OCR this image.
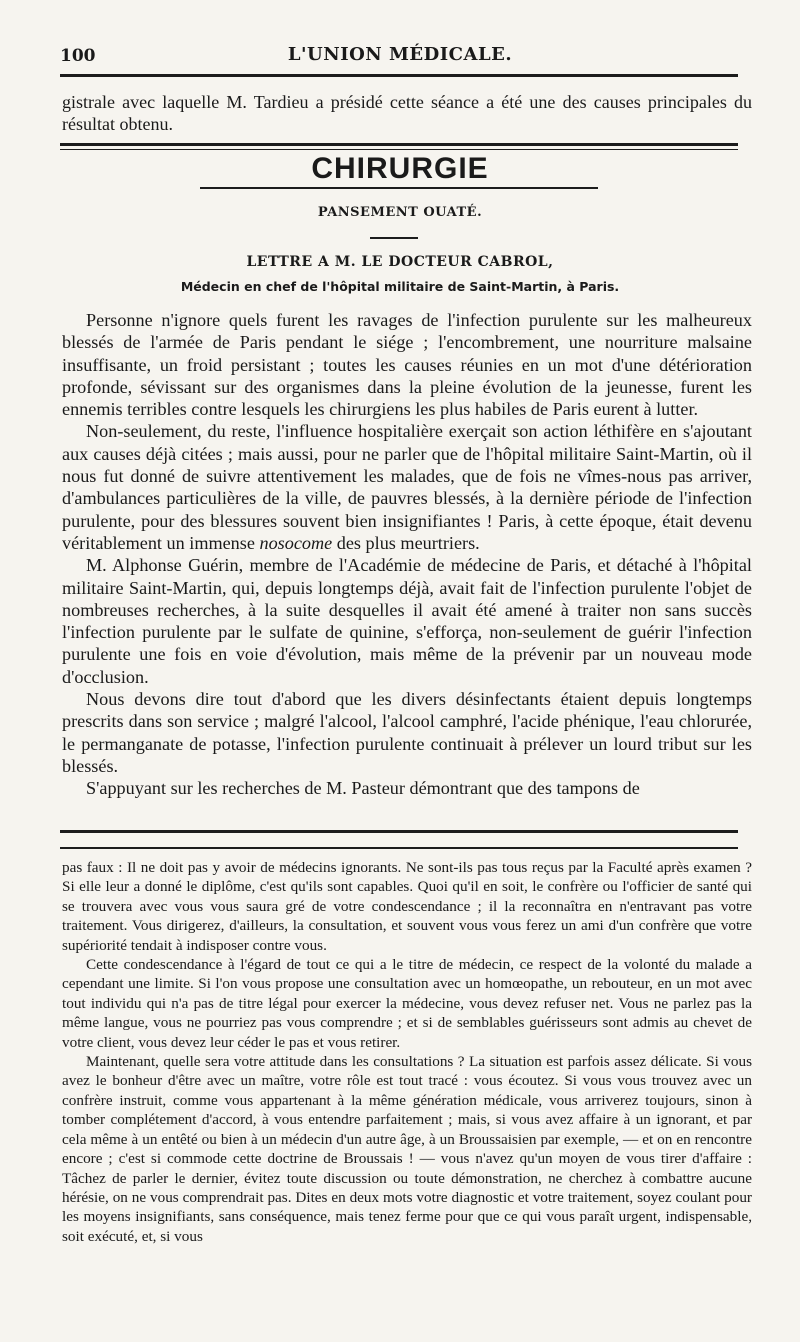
100	L'UNION MÉDICALE.
gistrale avec laquelle M. Tardieu a présidé cette séance a été une des causes principales du résultat obtenu.
CHIRURGIE
PANSEMENT OUATÉ.
LETTRE A M. LE DOCTEUR CABROL,
Médecin en chef de l'hôpital militaire de Saint-Martin, à Paris.

Personne n'ignore quels furent les ravages de l'infection purulente sur les malheureux blessés de l'armée de Paris pendant le siége ; l'encombrement, une nourriture malsaine insuffisante, un froid persistant ; toutes les causes réunies en un mot d'une détérioration profonde, sévissant sur des organismes dans la pleine évolution de la jeunesse, furent les ennemis terribles contre lesquels les chirurgiens les plus habiles de Paris eurent à lutter.

Non-seulement, du reste, l'influence hospitalière exerçait son action léthifère en s'ajoutant aux causes déjà citées ; mais aussi, pour ne parler que de l'hôpital militaire Saint-Martin, où il nous fut donné de suivre attentivement les malades, que de fois ne vîmes-nous pas arriver, d'ambulances particulières de la ville, de pauvres blessés, à la dernière période de l'infection purulente, pour des blessures souvent bien insignifiantes ! Paris, à cette époque, était devenu véritablement un immense nosocome des plus meurtriers.

M. Alphonse Guérin, membre de l'Académie de médecine de Paris, et détaché à l'hôpital militaire Saint-Martin, qui, depuis longtemps déjà, avait fait de l'infection purulente l'objet de nombreuses recherches, à la suite desquelles il avait été amené à traiter non sans succès l'infection purulente par le sulfate de quinine, s'efforça, non-seulement de guérir l'infection purulente une fois en voie d'évolution, mais même de la prévenir par un nouveau mode d'occlusion.

Nous devons dire tout d'abord que les divers désinfectants étaient depuis longtemps prescrits dans son service ; malgré l'alcool, l'alcool camphré, l'acide phénique, l'eau chlorurée, le permanganate de potasse, l'infection purulente continuait à prélever un lourd tribut sur les blessés.

S'appuyant sur les recherches de M. Pasteur démontrant que des tampons de

pas faux : Il ne doit pas y avoir de médecins ignorants. Ne sont-ils pas tous reçus par la Faculté après examen ? Si elle leur a donné le diplôme, c'est qu'ils sont capables. Quoi qu'il en soit, le confrère ou l'officier de santé qui se trouvera avec vous vous saura gré de votre condescendance ; il la reconnaîtra en n'entravant pas votre traitement. Vous dirigerez, d'ailleurs, la consultation, et souvent vous vous ferez un ami d'un confrère que votre supériorité tendait à indisposer contre vous.

Cette condescendance à l'égard de tout ce qui a le titre de médecin, ce respect de la volonté du malade a cependant une limite. Si l'on vous propose une consultation avec un homœopathe, un rebouteur, en un mot avec tout individu qui n'a pas de titre légal pour exercer la médecine, vous devez refuser net. Vous ne parlez pas la même langue, vous ne pourriez pas vous comprendre ; et si de semblables guérisseurs sont admis au chevet de votre client, vous devez leur céder le pas et vous retirer.

Maintenant, quelle sera votre attitude dans les consultations ? La situation est parfois assez délicate. Si vous avez le bonheur d'être avec un maître, votre rôle est tout tracé : vous écoutez. Si vous vous trouvez avec un confrère instruit, comme vous appartenant à la même génération médicale, vous arriverez toujours, sinon à tomber complétement d'accord, à vous entendre parfaitement ; mais, si vous avez affaire à un ignorant, et par cela même à un entêté ou bien à un médecin d'un autre âge, à un Broussaisien par exemple, — et on en rencontre encore ; c'est si commode cette doctrine de Broussais ! — vous n'avez qu'un moyen de vous tirer d'affaire : Tâchez de parler le dernier, évitez toute discussion ou toute démonstration, ne cherchez à combattre aucune hérésie, on ne vous comprendrait pas. Dites en deux mots votre diagnostic et votre traitement, soyez coulant pour les moyens insignifiants, sans conséquence, mais tenez ferme pour que ce qui vous paraît urgent, indispensable, soit exécuté, et, si vous
